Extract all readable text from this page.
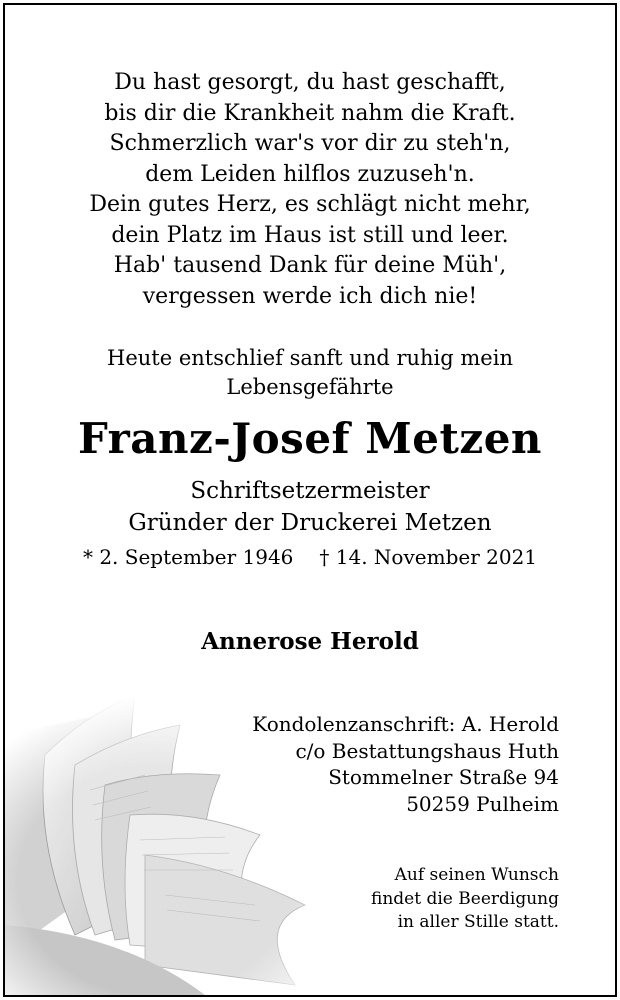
Du hast gesorgt, du hast geschafft,
bis dir die Krankheit nahm die Kraft.
Schmerzlich war's vor dir zu steh'n,
dem Leiden hilflos zuzuseh'n.
Dein gutes Herz, es schlägt nicht mehr,
dein Platz im Haus ist still und leer.
Hab' tausend Dank für deine Müh',
vergessen werde ich dich nie!
Heute entschlief sanft und ruhig mein
Lebensgefährte
Franz-Josef Metzen
Schriftsetzermeister
Gründer der Druckerei Metzen
* 2. September 1946 † 14. November 2021
Annerose Herold
Kondolenzanschrift: A. Herold
c/o Bestattungshaus Huth
Stommelner Straße 94
50259 Pulheim
Auf seinen Wunsch
findet die Beerdigung
in aller Stille statt.
